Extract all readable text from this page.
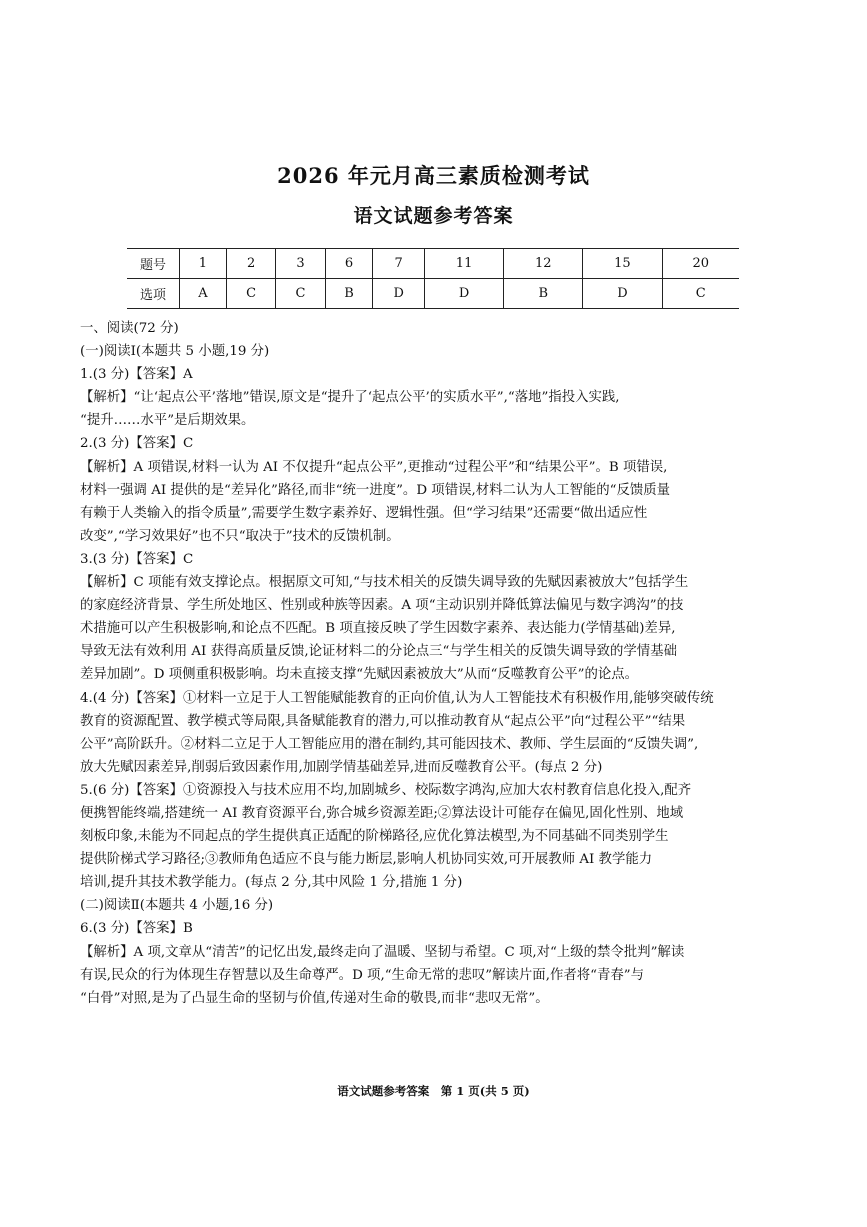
2026 年元月高三素质检测考试
语文试题参考答案
题号	1	2	3	6	7	11	12	15	20
选项	A	C	C	B	D	D	B	D	C

一、阅读(72 分)

(一)阅读Ⅰ(本题共 5 小题,19 分)

1.(3 分)【答案】A

【解析】“让‘起点公平’落地”错误,原文是“提升了‘起点公平’的实质水平”,“落地”指投入实践,

“提升……水平”是后期效果。

2.(3 分)【答案】C

【解析】A 项错误,材料一认为 AI 不仅提升“起点公平”,更推动“过程公平”和“结果公平”。B 项错误,

材料一强调 AI 提供的是“差异化”路径,而非“统一进度”。D 项错误,材料二认为人工智能的“反馈质量

有赖于人类输入的指令质量”,需要学生数字素养好、逻辑性强。但“学习结果”还需要“做出适应性

改变”,“学习效果好”也不只“取决于”技术的反馈机制。

3.(3 分)【答案】C

【解析】C 项能有效支撑论点。根据原文可知,“与技术相关的反馈失调导致的先赋因素被放大”包括学生

的家庭经济背景、学生所处地区、性别或种族等因素。A 项“主动识别并降低算法偏见与数字鸿沟”的技

术措施可以产生积极影响,和论点不匹配。B 项直接反映了学生因数字素养、表达能力(学情基础)差异,

导致无法有效利用 AI 获得高质量反馈,论证材料二的分论点三“与学生相关的反馈失调导致的学情基础

差异加剧”。D 项侧重积极影响。均未直接支撑“先赋因素被放大”从而“反噬教育公平”的论点。

4.(4 分)【答案】①材料一立足于人工智能赋能教育的正向价值,认为人工智能技术有积极作用,能够突破传统

教育的资源配置、教学模式等局限,具备赋能教育的潜力,可以推动教育从“起点公平”向“过程公平”“结果

公平”高阶跃升。②材料二立足于人工智能应用的潜在制约,其可能因技术、教师、学生层面的“反馈失调”,

放大先赋因素差异,削弱后致因素作用,加剧学情基础差异,进而反噬教育公平。(每点 2 分)

5.(6 分)【答案】①资源投入与技术应用不均,加剧城乡、校际数字鸿沟,应加大农村教育信息化投入,配齐

便携智能终端,搭建统一 AI 教育资源平台,弥合城乡资源差距;②算法设计可能存在偏见,固化性别、地域

刻板印象,未能为不同起点的学生提供真正适配的阶梯路径,应优化算法模型,为不同基础不同类别学生

提供阶梯式学习路径;③教师角色适应不良与能力断层,影响人机协同实效,可开展教师 AI 教学能力

培训,提升其技术教学能力。(每点 2 分,其中风险 1 分,措施 1 分)

(二)阅读Ⅱ(本题共 4 小题,16 分)

6.(3 分)【答案】B

【解析】A 项,文章从“清苦”的记忆出发,最终走向了温暖、坚韧与希望。C 项,对“上级的禁令批判”解读

有误,民众的行为体现生存智慧以及生命尊严。D 项,“生命无常的悲叹”解读片面,作者将“青春”与

“白骨”对照,是为了凸显生命的坚韧与价值,传递对生命的敬畏,而非“悲叹无常”。

语文试题参考答案　第 1 页(共 5 页)
